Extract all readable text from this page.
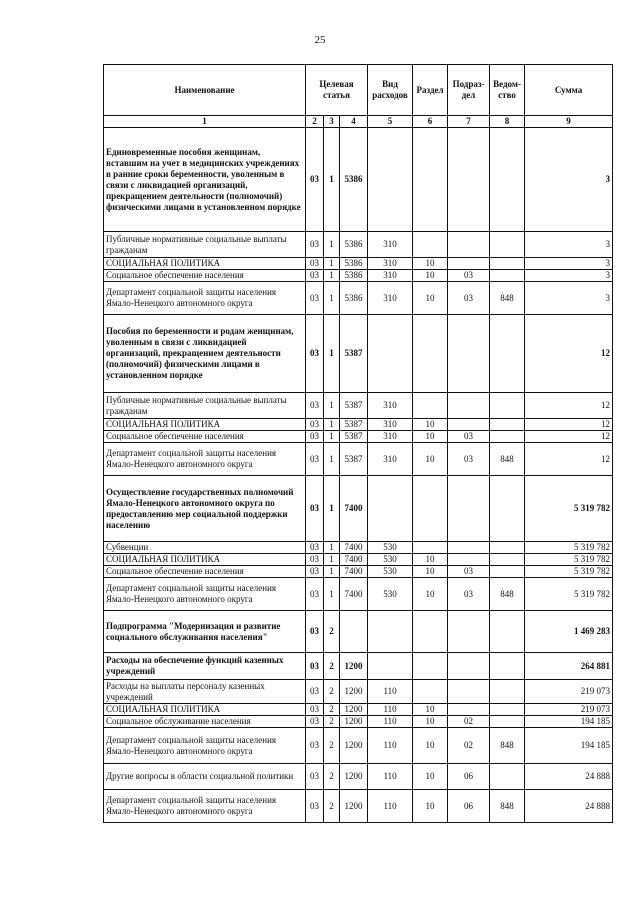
25
Наименование	Целевая статья			Вид расходов	Раздел	Подраз-дел	Ведом-ство	Сумма
1	2	3	4	5	6	7	8	9
Единовременные пособия женщинам, вставшим на учет в медицинских учреждениях в ранние сроки беременности, уволенным в связи с ликвидацией организаций, прекращением деятельности (полномочий) физическими лицами в установленном порядке	03	1	5386					3
Публичные нормативные социальные выплаты гражданам	03	1	5386	310				3
СОЦИАЛЬНАЯ ПОЛИТИКА	03	1	5386	310	10			3
Социальное обеспечение населения	03	1	5386	310	10	03		3
Департамент социальной защиты населения Ямало-Ненецкого автономного округа	03	1	5386	310	10	03	848	3
Пособия по беременности и родам женщинам, уволенным в связи с ликвидацией организаций, прекращением деятельности (полномочий) физическими лицами в установленном порядке	03	1	5387					12
Публичные нормативные социальные выплаты гражданам	03	1	5387	310				12
СОЦИАЛЬНАЯ ПОЛИТИКА	03	1	5387	310	10			12
Социальное обеспечение населения	03	1	5387	310	10	03		12
Департамент социальной защиты населения Ямало-Ненецкого автономного округа	03	1	5387	310	10	03	848	12
Осуществление государственных полномочий Ямало-Ненецкого автономного округа по предоставлению мер социальной поддержки населению	03	1	7400					5 319 782
Субвенции	03	1	7400	530				5 319 782
СОЦИАЛЬНАЯ ПОЛИТИКА	03	1	7400	530	10			5 319 782
Социальное обеспечение населения	03	1	7400	530	10	03		5 319 782
Департамент социальной защиты населения Ямало-Ненецкого автономного округа	03	1	7400	530	10	03	848	5 319 782
Подпрограмма "Модернизация и развитие социального обслуживания населения"	03	2						1 469 283
Расходы на обеспечение функций казенных учреждений	03	2	1200					264 881
Расходы на выплаты персоналу казенных учреждений	03	2	1200	110				219 073
СОЦИАЛЬНАЯ ПОЛИТИКА	03	2	1200	110	10			219 073
Социальное обслуживание населения	03	2	1200	110	10	02		194 185
Департамент социальной защиты населения Ямало-Ненецкого автономного округа	03	2	1200	110	10	02	848	194 185
Другие вопросы в области социальной политики	03	2	1200	110	10	06		24 888
Департамент социальной защиты населения Ямало-Ненецкого автономного округа	03	2	1200	110	10	06	848	24 888
